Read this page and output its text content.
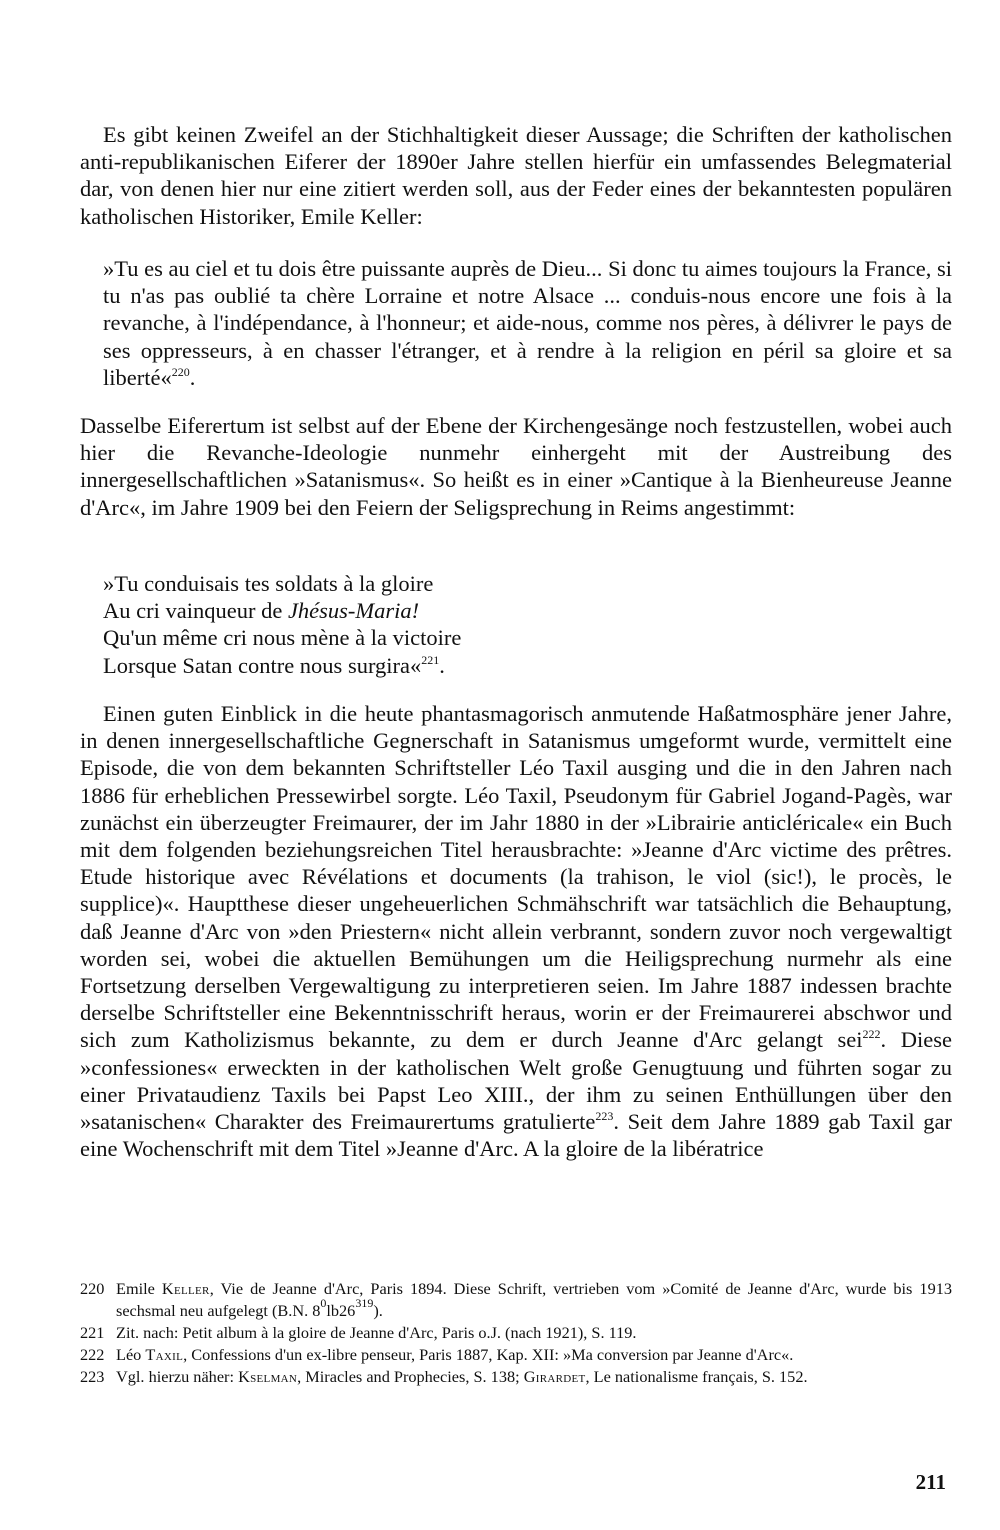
Es gibt keinen Zweifel an der Stichhaltigkeit dieser Aussage; die Schriften der katholischen anti-republikanischen Eiferer der 1890er Jahre stellen hierfür ein umfassendes Belegmaterial dar, von denen hier nur eine zitiert werden soll, aus der Feder eines der bekanntesten populären katholischen Historiker, Emile Keller:

»Tu es au ciel et tu dois être puissante auprès de Dieu... Si donc tu aimes toujours la France, si tu n'as pas oublié ta chère Lorraine et notre Alsace ... conduis-nous encore une fois à la revanche, à l'indépendance, à l'honneur; et aide-nous, comme nos pères, à délivrer le pays de ses oppresseurs, à en chasser l'étranger, et à rendre à la religion en péril sa gloire et sa liberté«$^{220}$.

Dasselbe Eiferertum ist selbst auf der Ebene der Kirchengesänge noch festzustellen, wobei auch hier die Revanche-Ideologie nunmehr einhergeht mit der Austreibung des innergesellschaftlichen »Satanismus«. So heißt es in einer »Cantique à la Bienheureuse Jeanne d'Arc«, im Jahre 1909 bei den Feiern der Seligsprechung in Reims angestimmt:

»Tu conduisais tes soldats à la gloire
Au cri vainqueur de Jhésus-Maria!
Qu'un même cri nous mène à la victoire
Lorsque Satan contre nous surgira«$^{221}$.

Einen guten Einblick in die heute phantasmagorisch anmutende Haßatmosphäre jener Jahre, in denen innergesellschaftliche Gegnerschaft in Satanismus umgeformt wurde, vermittelt eine Episode, die von dem bekannten Schriftsteller Léo Taxil ausging und die in den Jahren nach 1886 für erheblichen Pressewirbel sorgte. Léo Taxil, Pseudonym für Gabriel Jogand-Pagès, war zunächst ein überzeugter Freimaurer, der im Jahr 1880 in der »Librairie anticléricale« ein Buch mit dem folgenden beziehungsreichen Titel herausbrachte: »Jeanne d'Arc victime des prêtres. Etude historique avec Révélations et documents (la trahison, le viol (sic!), le procès, le supplice)«. Hauptthese dieser ungeheuerlichen Schmähschrift war tatsächlich die Behauptung, daß Jeanne d'Arc von »den Priestern« nicht allein verbrannt, sondern zuvor noch vergewaltigt worden sei, wobei die aktuellen Bemühungen um die Heiligsprechung nurmehr als eine Fortsetzung derselben Vergewaltigung zu interpretieren seien. Im Jahre 1887 indessen brachte derselbe Schriftsteller eine Bekenntnisschrift heraus, worin er der Freimaurerei abschwor und sich zum Katholizismus bekannte, zu dem er durch Jeanne d'Arc gelangt sei$^{222}$. Diese »confessiones« erweckten in der katholischen Welt große Genugtuung und führten sogar zu einer Privataudienz Taxils bei Papst Leo XIII., der ihm zu seinen Enthüllungen über den »satanischen« Charakter des Freimaurertums gratulierte$^{223}$. Seit dem Jahre 1889 gab Taxil gar eine Wochenschrift mit dem Titel »Jeanne d'Arc. A la gloire de la libératrice

220 Emile Keller, Vie de Jeanne d'Arc, Paris 1894. Diese Schrift, vertrieben vom »Comité de Jeanne d'Arc, wurde bis 1913 sechsmal neu aufgelegt (B.N. $8^0lb26^{319}$).
221 Zit. nach: Petit album à la gloire de Jeanne d'Arc, Paris o.J. (nach 1921), S. 119.
222 Léo Taxil, Confessions d'un ex-libre penseur, Paris 1887, Kap. XII: »Ma conversion par Jeanne d'Arc«.
223 Vgl. hierzu näher: Kselman, Miracles and Prophecies, S. 138; Girardet, Le nationalisme français, S. 152.
211
